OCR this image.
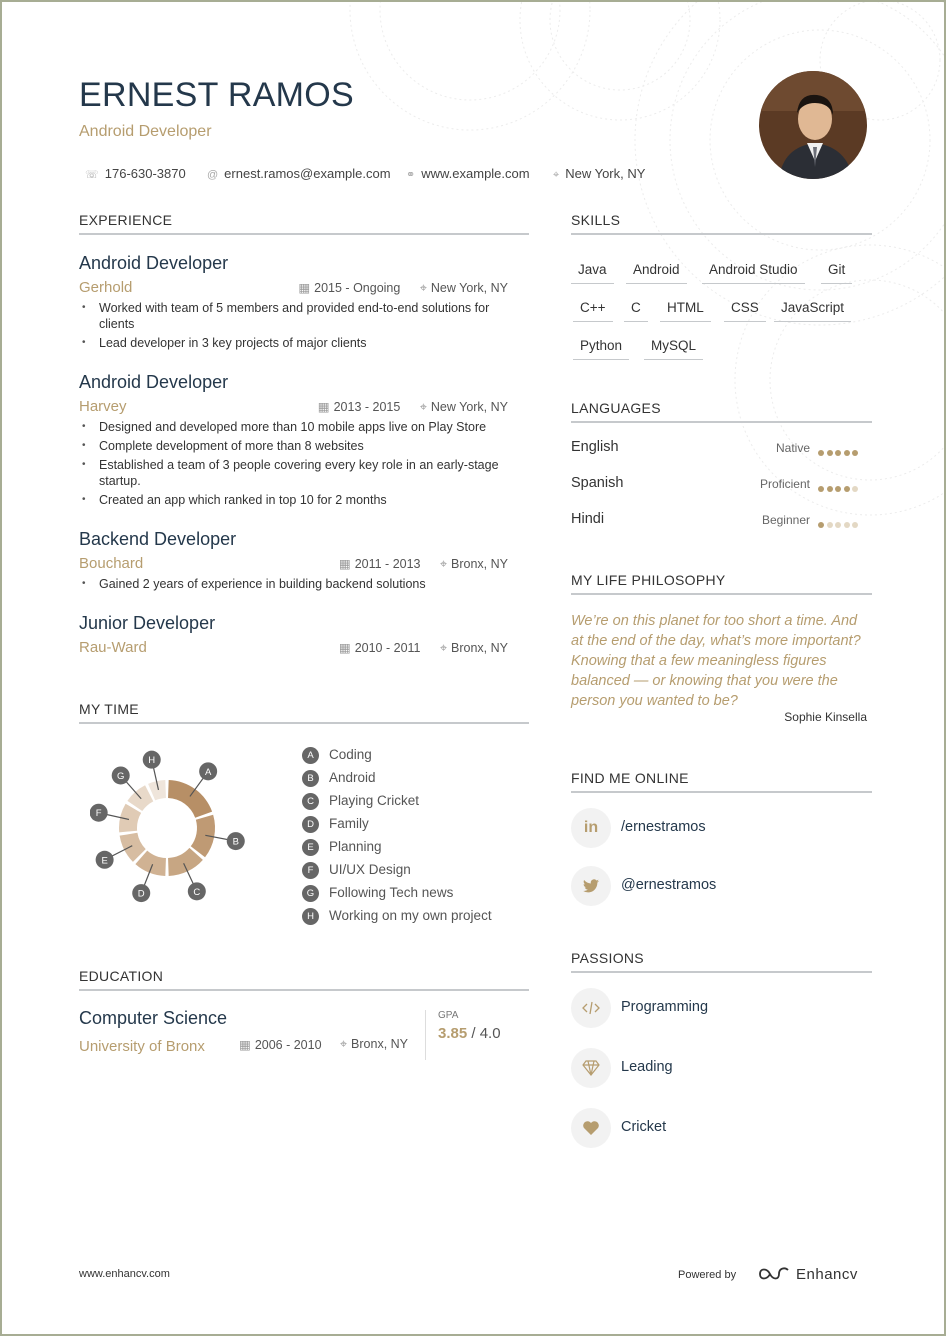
ERNEST RAMOS
Android Developer
☏ 176-630-3870 @ ernest.ramos@example.com ⚭ www.example.com ⌖ New York, NY
EXPERIENCE
Android Developer
Gerhold	▦ 2015 - Ongoing ⌖ New York, NY
• Worked with team of 5 members and provided end-to-end solutions for clients
• Lead developer in 3 key projects of major clients
Android Developer
Harvey	▦ 2013 - 2015 ⌖ New York, NY
• Designed and developed more than 10 mobile apps live on Play Store
• Complete development of more than 8 websites
• Established a team of 3 people covering every key role in an early-stage startup.
• Created an app which ranked in top 10 for 2 months
Backend Developer
Bouchard	▦ 2011 - 2013 ⌖ Bronx, NY
• Gained 2 years of experience in building backend solutions
Junior Developer
Rau-Ward	▦ 2010 - 2011 ⌖ Bronx, NY
MY TIME
A
B
C
D
E
F
G
H	A Coding
B Android
C Playing Cricket
D Family
E Planning
F UI/UX Design
G Following Tech news
H Working on my own project
EDUCATION
Computer Science
University of Bronx	▦ 2006 - 2010 ⌖ Bronx, NY
GPA
3.85 / 4.0
SKILLS
Java	Android	Android Studio	Git
C++	C	HTML	CSS	JavaScript
Python	MySQL
LANGUAGES
English	Native
Spanish	Proficient
Hindi	Beginner
MY LIFE PHILOSOPHY
We’re on this planet for too short a time. And at the end of the day, what’s more important? Knowing that a few meaningless figures balanced — or knowing that you were the person you wanted to be?
Sophie Kinsella
FIND ME ONLINE
in /ernestramos
@ernestramos
PASSIONS
Programming
Leading
Cricket
www.enhancv.com	Powered by	Enhancv
